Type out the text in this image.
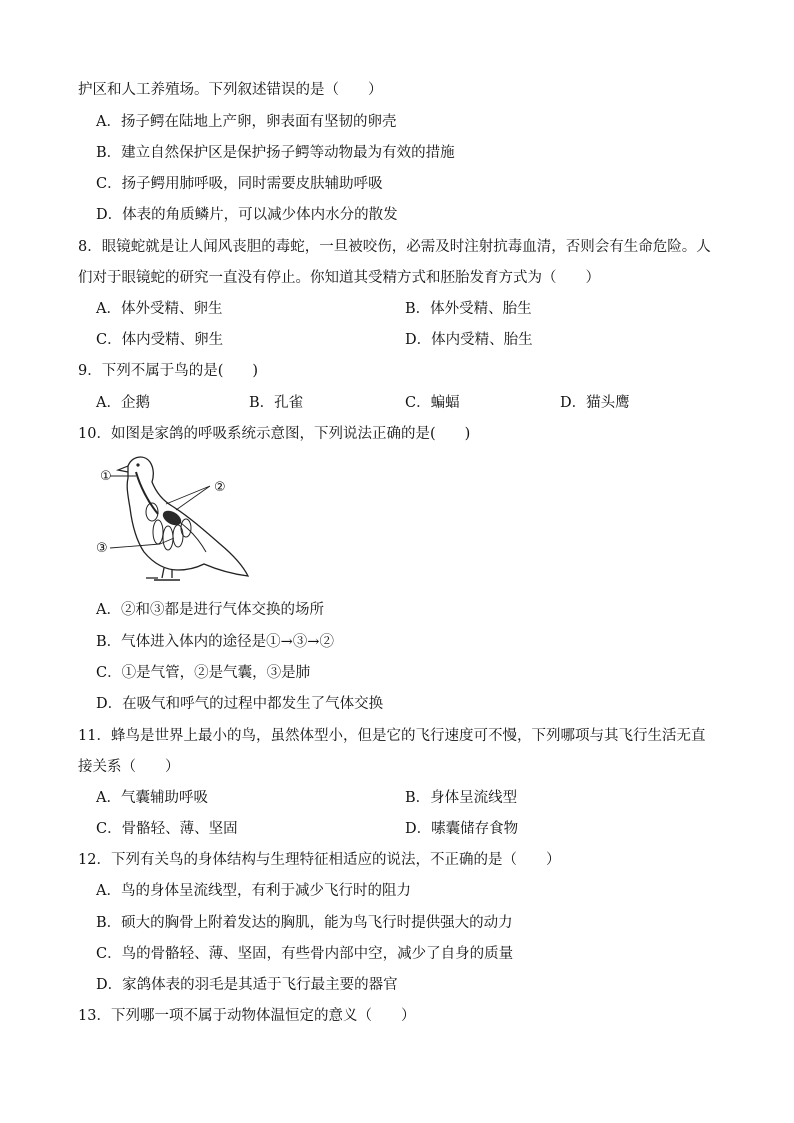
护区和人工养殖场。下列叙述错误的是（　　）
A．扬子鳄在陆地上产卵，卵表面有坚韧的卵壳
B．建立自然保护区是保护扬子鳄等动物最为有效的措施
C．扬子鳄用肺呼吸，同时需要皮肤辅助呼吸
D．体表的角质鳞片，可以减少体内水分的散发
8．眼镜蛇就是让人闻风丧胆的毒蛇，一旦被咬伤，必需及时注射抗毒血清，否则会有生命危险。人
们对于眼镜蛇的研究一直没有停止。你知道其受精方式和胚胎发育方式为（　　）
A．体外受精、卵生	B．体外受精、胎生
C．体内受精、卵生	D．体内受精、胎生
9．下列不属于鸟的是(　　)
A．企鹅	B．孔雀	C．蝙蝠	D．猫头鹰
10．如图是家鸽的呼吸系统示意图，下列说法正确的是(　　)
①
②
③
A．②和③都是进行气体交换的场所
B．气体进入体内的途径是①→③→②
C．①是气管，②是气囊，③是肺
D．在吸气和呼气的过程中都发生了气体交换
11．蜂鸟是世界上最小的鸟，虽然体型小，但是它的飞行速度可不慢，下列哪项与其飞行生活无直
接关系（　　）
A．气囊辅助呼吸	B．身体呈流线型
C．骨骼轻、薄、坚固	D．嗉囊储存食物
12．下列有关鸟的身体结构与生理特征相适应的说法，不正确的是（　　）
A．鸟的身体呈流线型，有利于减少飞行时的阻力
B．硕大的胸骨上附着发达的胸肌，能为鸟飞行时提供强大的动力
C．鸟的骨骼轻、薄、坚固，有些骨内部中空，减少了自身的质量
D．家鸽体表的羽毛是其适于飞行最主要的器官
13．下列哪一项不属于动物体温恒定的意义（　　）
